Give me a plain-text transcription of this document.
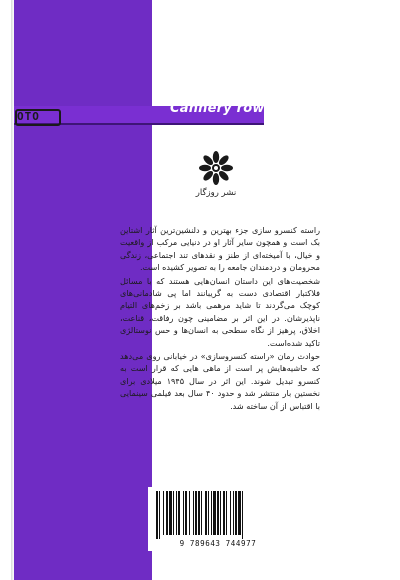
OTO
Cannery row
نشر روزگار

راسته کنسرو سازی جزء بهترین و دلنشین‌ترین آثار اشتاین بک است و همچون سایر آثار او در دنیایی مرکب از واقعیت و خیال، با آمیخته‌ای از طنز و نقدهای تند اجتماعی، زندگی محرومان و دردمندان جامعه را به تصویر کشیده است.

شخصیت‌های این داستان انسان‌هایی هستند که با مسائل فلاکتبار اقتصادی دست به گریبانند اما پی شادمانی‌های کوچک می‌گردند تا شاید مرهمی باشد بر زخم‌های التیام ناپذیرشان. در این اثر بر مضامینی چون رفاقت، قناعت، اخلاق، پرهیز از نگاه سطحی به انسان‌ها و حس نوستالژی تاکید شده‌است.

حوادث رمان «راسته کنسروسازی» در خیابانی روی می‌دهد که حاشیه‌هایش پر است از ماهی هایی که قرار است به کنسرو تبدیل شوند. این اثر در سال ۱۹۴۵ میلادی برای نخستین بار منتشر شد و حدود ۴۰ سال بعد فیلمی سینمایی با اقتباس از آن ساخته شد.

9 789643 744977
